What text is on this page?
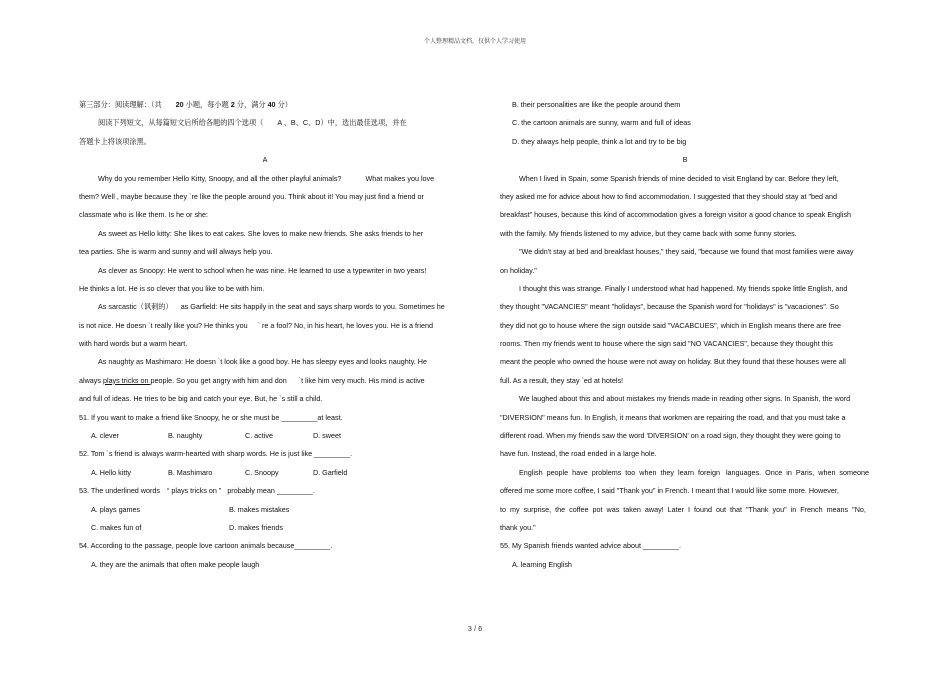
个人整理精品文档，仅供个人学习使用
第三部分：阅读理解：（共 20 小题，每小题 2 分，满分 40 分）
阅读下列短文，从每篇短文后所给各题的四个选项（ A 、B、C、D）中，选出最佳选项，并在
答题卡上将该项涂黑。
A
Why do you remember Hello Kitty, Snoopy, and all the other playful animals?	What makes you love
them? Well , maybe because they `re like the people around you. Think about it! You may just find a friend or
classmate who is like them. Is he or she:
As sweet as Hello kitty: She likes to eat cakes. She loves to make new friends. She asks friends to her
tea parties. She is warm and sunny and will always help you.
As clever as Snoopy: He went to school when he was nine. He learned to use a typewriter in two years!
He thinks a lot. He is so clever that you like to be with him.
As sarcastic（讽刺的） as Garfield: He sits happily in the seat and says sharp words to you. Sometimes he
is not nice. He doesn `t really like you? He thinks you ` re a fool? No, in his heart, he loves you. He is a friend
with hard words but a warm heart.
As naughty as Mashimaro: He doesn `t look like a good boy. He has sleepy eyes and looks naughty. He
always plays tricks on people. So you get angry with him and don `t like him very much. His mind is active
and full of ideas. He tries to be big and catch your eye. But, he `s still a child.
51. If you want to make a friend like Snoopy, he or she must be _________at least.
A. clever	B. naughty	C. active	D. sweet
52. Tom `s friend is always warm-hearted with sharp words. He is just like _________.
A. Hello kitty	B. Mashimaro	C. Snoopy	D. Garfield
53. The underlined words “ plays tricks on ” probably mean _________.
A. plays games	B. makes mistakes
C. makes fun of	D. makes friends
54. According to the passage, people love cartoon animals because_________.
A. they are the animals that often make people laugh
B. their personalities are like the people around them
C. the cartoon animals are sunny, warm and full of ideas
D. they always help people, think a lot and try to be big
B
When I lived in Spain, some Spanish friends of mine decided to visit England by car. Before they left,
they asked me for advice about how to find accommodation. I suggested that they should stay at "bed and
breakfast" houses, because this kind of accommodation gives a foreign visitor a good chance to speak English
with the family. My friends listened to my advice, but they came back with some funny stories.
"We didn't stay at bed and breakfast houses," they said, "because we found that most families were away
on holiday."
I thought this was strange. Finally I understood what had happened. My friends spoke little English, and
they thought "VACANCIES" meant "holidays", because the Spanish word for "holidays" is "vacaciones". So
they did not go to house where the sign outside said "VACABCUES", which in English means there are free
rooms. Then my friends went to house where the sign said "NO VACANCIES", because they thought this
meant the people who owned the house were not away on holiday. But they found that these houses were all
full. As a result, they stay `ed at hotels!
We laughed about this and about mistakes my friends made in reading other signs. In Spanish, the word
"DIVERSION" means fun. In English, it means that workmen are repairing the road, and that you must take a
different road. When my friends saw the word 'DIVERSION' on a road sign, they thought they were going to
have fun. Instead, the road ended in a large hole.
English  people  have  problems  too  when  they  learn  foreign   languages.  Once  in  Paris,  when  someone
offered me some more coffee, I said "Thank you" in French. I meant that I would like some more. However,
to  my  surprise,  the  coffee  pot  was  taken  away!  Later  I  found  out  that  "Thank  you"  in  French  means  "No,
thank you."
55. My Spanish friends wanted advice about _________.
A. learning English
3 / 6
